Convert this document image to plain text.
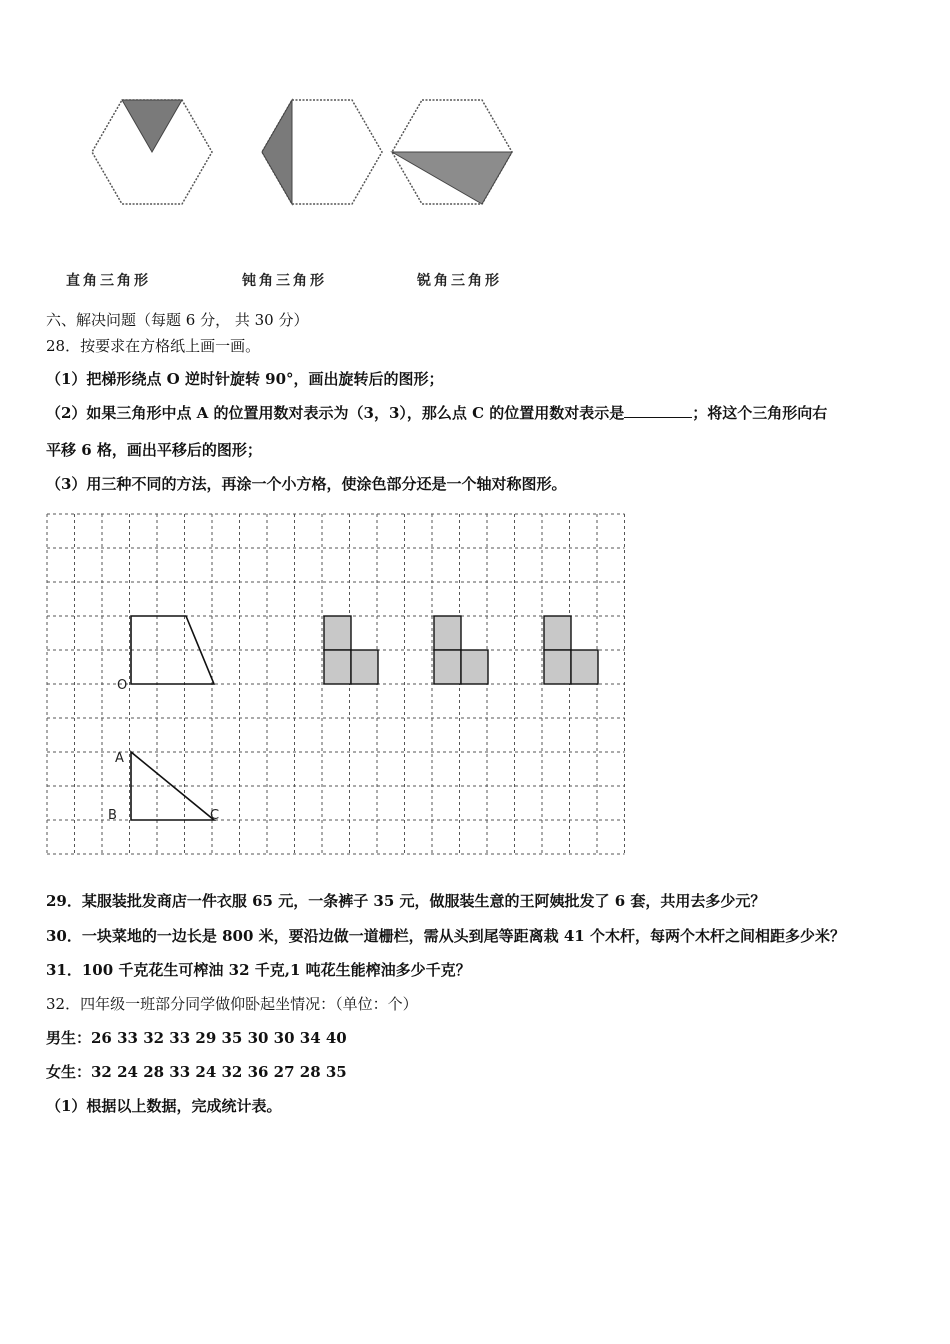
直角三角形	钝角三角形	锐角三角形
六、解决问题（每题 6 分， 共 30 分）
28．按要求在方格纸上画一画。
（1）把梯形绕点 O 逆时针旋转 90°，画出旋转后的图形；
（2）如果三角形中点 A 的位置用数对表示为（3，3），那么点 C 的位置用数对表示是	；将这个三角形向右
平移 6 格，画出平移后的图形；
（3）用三种不同的方法，再涂一个小方格，使涂色部分还是一个轴对称图形。
O
A
B	C
29．某服装批发商店一件衣服 65 元，一条裤子 35 元，做服装生意的王阿姨批发了 6 套，共用去多少元？
30．一块菜地的一边长是 800 米，要沿边做一道栅栏，需从头到尾等距离栽 41 个木杆，每两个木杆之间相距多少米？
31．100 千克花生可榨油 32 千克,1 吨花生能榨油多少千克？
32．四年级一班部分同学做仰卧起坐情况：（单位：个）
男生：26 33 32 33 29 35 30 30 34 40
女生：32 24 28 33 24 32 36 27 28 35
（1）根据以上数据，完成统计表。
